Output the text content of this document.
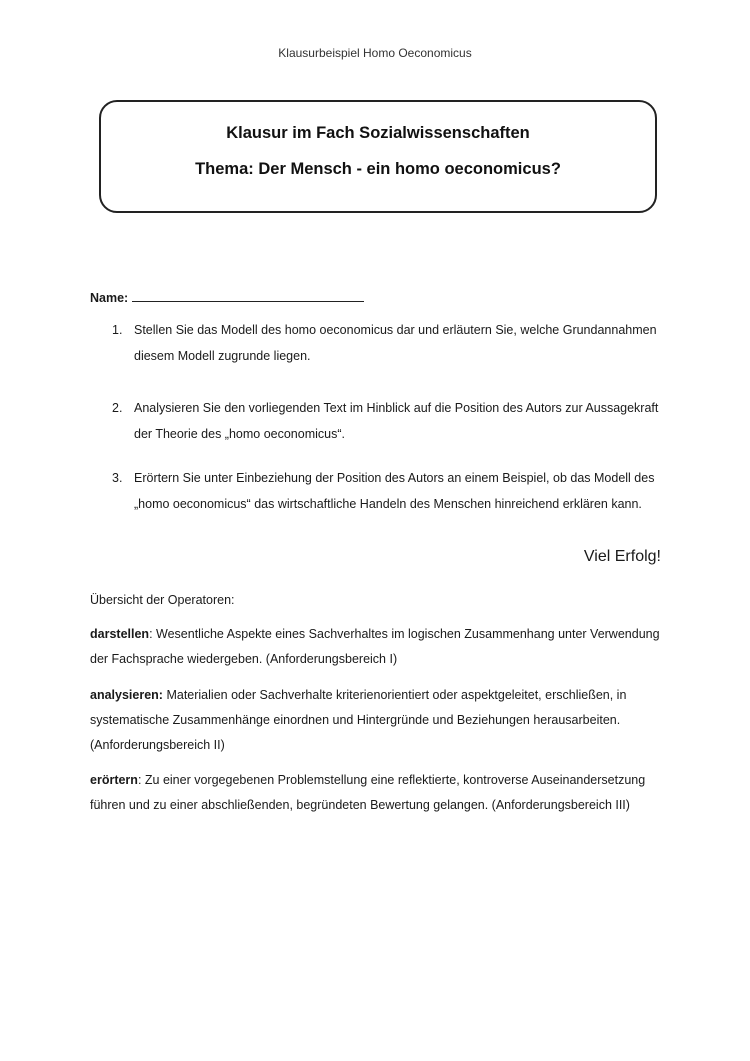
Klausurbeispiel Homo Oeconomicus
Klausur im Fach Sozialwissenschaften
Thema: Der Mensch - ein homo oeconomicus?
Name:
1. Stellen Sie das Modell des homo oeconomicus dar und erläutern Sie, welche Grundannahmen diesem Modell zugrunde liegen.
2. Analysieren Sie den vorliegenden Text im Hinblick auf die Position des Autors zur Aussagekraft der Theorie des „homo oeconomicus“.
3. Erörtern Sie unter Einbeziehung der Position des Autors an einem Beispiel, ob das Modell des „homo oeconomicus“ das wirtschaftliche Handeln des Menschen hinreichend erklären kann.
Viel Erfolg!
Übersicht der Operatoren:
darstellen: Wesentliche Aspekte eines Sachverhaltes im logischen Zusammenhang unter Verwendung der Fachsprache wiedergeben. (Anforderungsbereich I)
analysieren: Materialien oder Sachverhalte kriterienorientiert oder aspektgeleitet, erschließen, in systematische Zusammenhänge einordnen und Hintergründe und Beziehungen herausarbeiten. (Anforderungsbereich II)
erörtern: Zu einer vorgegebenen Problemstellung eine reflektierte, kontroverse Auseinandersetzung führen und zu einer abschließenden, begründeten Bewertung gelangen. (Anforderungsbereich III)
